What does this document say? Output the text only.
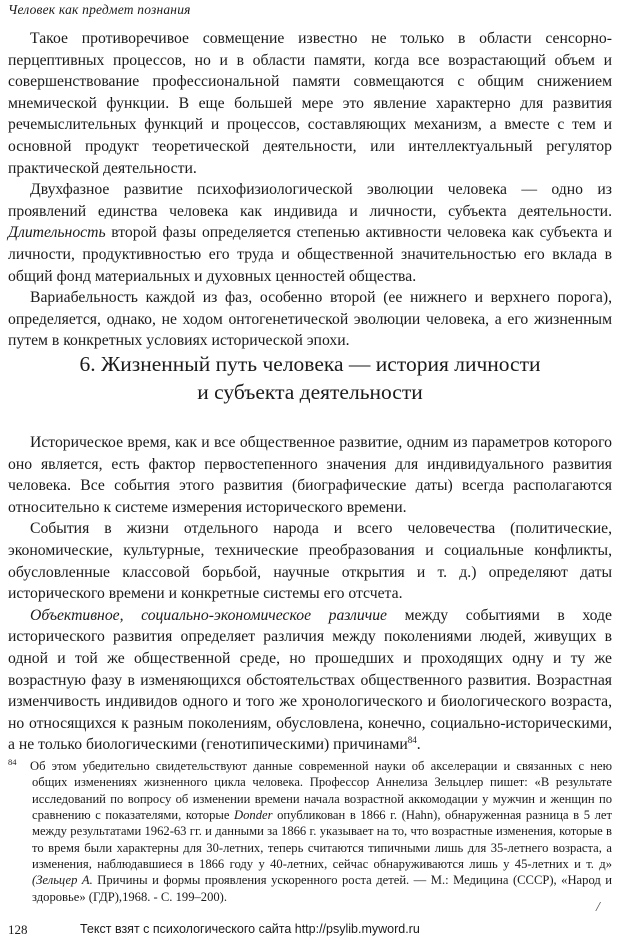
Человек как предмет познания

Такое противоречивое совмещение известно не только в области сенсорно-перцептивных процессов, но и в области памяти, когда все возрастающий объем и совершенствование профессиональной памяти совмещаются с общим снижением мнемической функции. В еще большей мере это явление характерно для развития речемыслительных функций и процессов, составляющих механизм, а вместе с тем и основной продукт теоретической деятельности, или интеллектуальный регулятор практической деятельности.

Двухфазное развитие психофизиологической эволюции человека — одно из проявлений единства человека как индивида и личности, субъекта деятельности. Длительность второй фазы определяется степенью активности человека как субъекта и личности, продуктивностью его труда и общественной значительностью его вклада в общий фонд материальных и духовных ценностей общества.

Вариабельность каждой из фаз, особенно второй (ее нижнего и верхнего порога), определяется, однако, не ходом онтогенетической эволюции человека, а его жизненным путем в конкретных условиях исторической эпохи.

6. Жизненный путь человека — история личности
и субъекта деятельности

Историческое время, как и все общественное развитие, одним из параметров которого оно является, есть фактор первостепенного значения для индивидуального развития человека. Все события этого развития (биографические даты) всегда располагаются относительно к системе измерения исторического времени.

События в жизни отдельного народа и всего человечества (политические, экономические, культурные, технические преобразования и социальные конфликты, обусловленные классовой борьбой, научные открытия и т. д.) определяют даты исторического времени и конкретные системы его отсчета.

Объективное, социально-экономическое различие между событиями в ходе исторического развития определяет различия между поколениями людей, живущих в одной и той же общественной среде, но прошедших и проходящих одну и ту же возрастную фазу в изменяющихся обстоятельствах общественного развития. Возрастная изменчивость индивидов одного и того же хронологического и биологического возраста, но относящихся к разным поколениям, обусловлена, конечно, социально-историческими, а не только биологическими (генотипическими) причинами$^{84}$.

84 Об этом убедительно свидетельствуют данные современной науки об акселерации и связанных с нею общих изменениях жизненного цикла человека. Профессор Аннелиза Зельцлер пишет: «В результате исследований по вопросу об изменении времени начала возрастной аккомодации у мужчин и женщин по сравнению с показателями, которые Donder опубликован в 1866 г. (Hahn), обнаруженная разница в 5 лет между результатами 1962-63 гг. и данными за 1866 г. указывает на то, что возрастные изменения, которые в то время были характерны для 30-летних, теперь считаются типичными лишь для 35-летнего возраста, а изменения, наблюдавшиеся в 1866 году у 40-летних, сейчас обнаруживаются лишь у 45-летних и т. д» (Зельцер А. Причины и формы проявления ускоренного роста детей. — М.: Медицина (СССР), «Народ и здоровье» (ГДР),1968. - С. 199–200).

/
128	Текст взят с психологического сайта http://psylib.myword.ru
